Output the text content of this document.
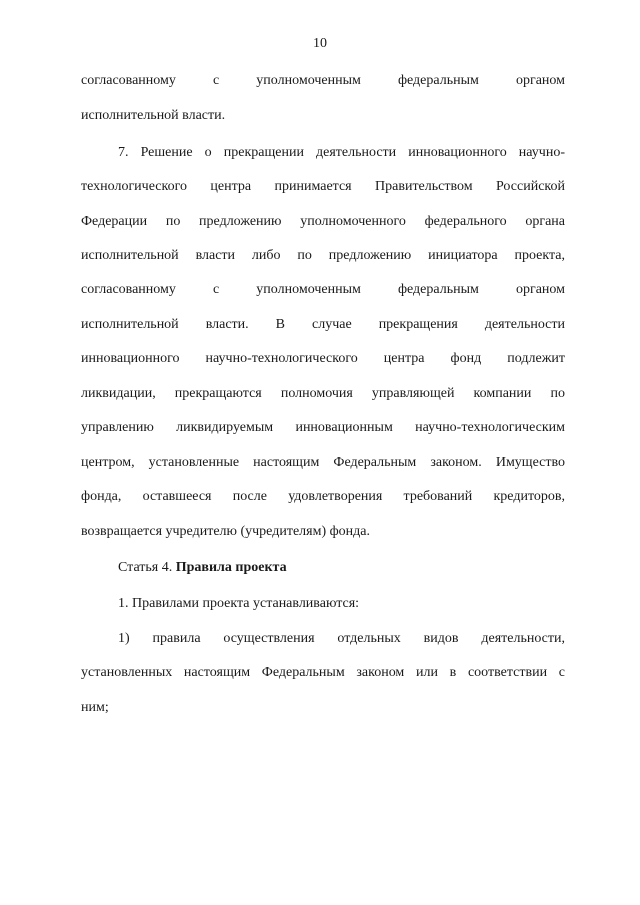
10
согласованному с уполномоченным федеральным органом
исполнительной власти.
7. Решение о прекращении деятельности инновационного научно-
технологического центра принимается Правительством Российской
Федерации по предложению уполномоченного федерального органа
исполнительной власти либо по предложению инициатора проекта,
согласованному с уполномоченным федеральным органом
исполнительной власти. В случае прекращения деятельности
инновационного научно-технологического центра фонд подлежит
ликвидации, прекращаются полномочия управляющей компании по
управлению ликвидируемым инновационным научно-технологическим
центром, установленные настоящим Федеральным законом. Имущество
фонда, оставшееся после удовлетворения требований кредиторов,
возвращается учредителю (учредителям) фонда.
Статья 4. Правила проекта
1. Правилами проекта устанавливаются:
1) правила осуществления отдельных видов деятельности,
установленных настоящим Федеральным законом или в соответствии с
ним;
